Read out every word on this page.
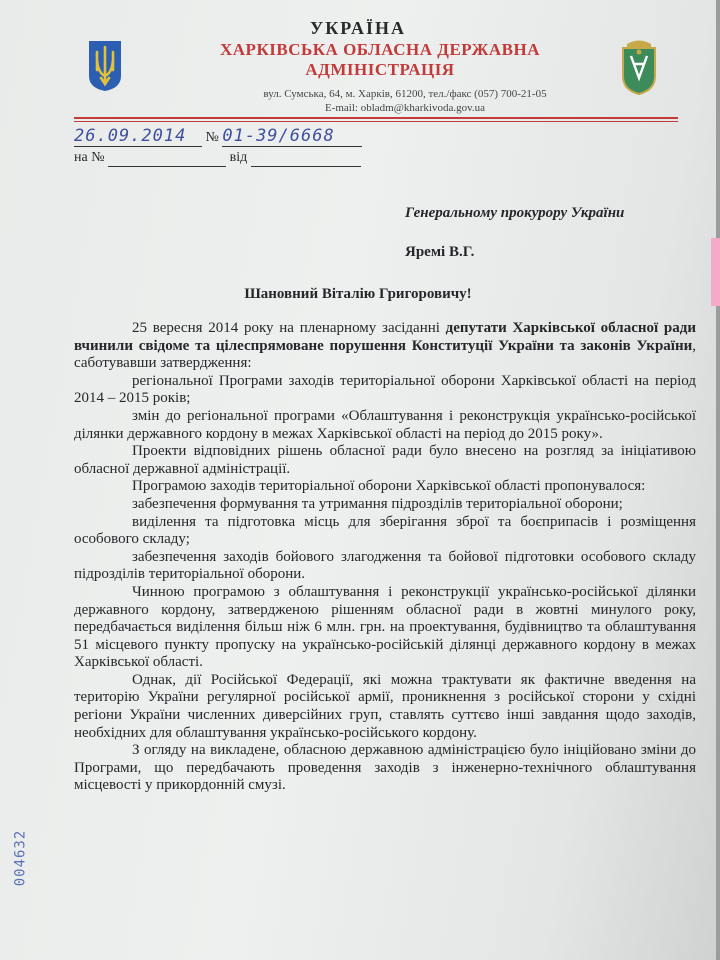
УКРАЇНА
ХАРКІВСЬКА ОБЛАСНА ДЕРЖАВНА
АДМІНІСТРАЦІЯ
вул. Сумська, 64, м. Харків, 61200, тел./факс (057) 700-21-05
E-mail: obladm@kharkivoda.gov.ua
26.09.2014 № 01-39/6668
на №	від
Генеральному прокурору України
Яремі В.Г.
Шановний Віталію Григоровичу!

25 вересня 2014 року на пленарному засіданні депутати Харківської обласної ради вчинили свідоме та цілеспрямоване порушення Конституції України та законів України, саботувавши затвердження:

регіональної Програми заходів територіальної оборони Харківської області на період 2014 – 2015 років;

змін до регіональної програми «Облаштування і реконструкція українсько-російської ділянки державного кордону в межах Харківської області на період до 2015 року».

Проекти відповідних рішень обласної ради було внесено на розгляд за ініціативою обласної державної адміністрації.

Програмою заходів територіальної оборони Харківської області пропонувалося:

забезпечення формування та утримання підрозділів територіальної оборони;

виділення та підготовка місць для зберігання зброї та боєприпасів і розміщення особового складу;

забезпечення заходів бойового злагодження та бойової підготовки особового складу підрозділів територіальної оборони.

Чинною програмою з облаштування і реконструкції українсько-російської ділянки державного кордону, затвердженою рішенням обласної ради в жовтні минулого року, передбачається виділення більш ніж 6 млн. грн. на проектування, будівництво та облаштування 51 місцевого пункту пропуску на українсько-російській ділянці державного кордону в межах Харківської області.

Однак, дії Російської Федерації, які можна трактувати як фактичне введення на територію України регулярної російської армії, проникнення з російської сторони у східні регіони України численних диверсійних груп, ставлять суттєво інші завдання щодо заходів, необхідних для облаштування українсько-російського кордону.

З огляду на викладене, обласною державною адміністрацією було ініційовано зміни до Програми, що передбачають проведення заходів з інженерно-технічного облаштування місцевості у прикордонній смузі.

004632
